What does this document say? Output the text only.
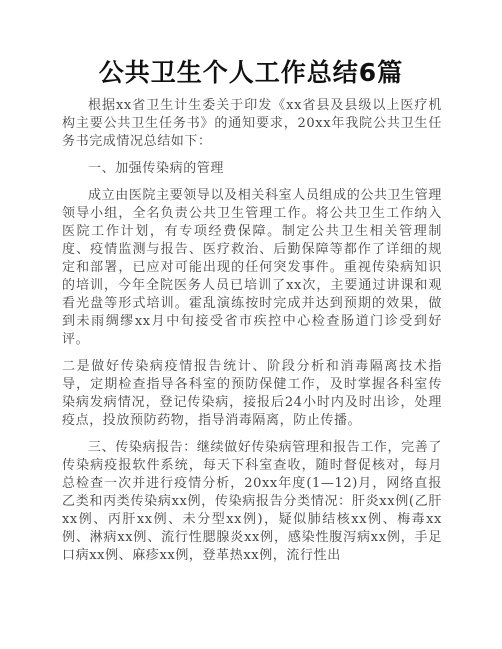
公共卫生个人工作总结6篇

根据xx省卫生计生委关于印发《xx省县及县级以上医疗机构主要公共卫生任务书》的通知要求，20xx年我院公共卫生任务书完成情况总结如下：

一、加强传染病的管理

成立由医院主要领导以及相关科室人员组成的公共卫生管理领导小组，全名负责公共卫生管理工作。将公共卫生工作纳入医院工作计划，有专项经费保障。制定公共卫生相关管理制度、疫情监测与报告、医疗救治、后勤保障等都作了详细的规定和部署，已应对可能出现的任何突发事件。重视传染病知识的培训，今年全院医务人员已培训了xx次，主要通过讲课和观看光盘等形式培训。霍乱演练按时完成并达到预期的效果，做到未雨绸缪xx月中旬接受省市疾控中心检查肠道门诊受到好评。

二是做好传染病疫情报告统计、阶段分析和消毒隔离技术指导，定期检查指导各科室的预防保健工作，及时掌握各科室传染病发病情况，登记传染病，接报后24小时内及时出诊，处理疫点，投放预防药物，指导消毒隔离，防止传播。

三、传染病报告：继续做好传染病管理和报告工作，完善了传染病疫报软件系统，每天下科室查收，随时督促核对，每月总检查一次并进行疫情分析，20xx年度(1—12)月，网络直报乙类和丙类传染病xx例，传染病报告分类情况：肝炎xx例(乙肝xx例、丙肝xx例、未分型xx例)，疑似肺结核xx例、梅毒xx例、淋病xx例、流行性腮腺炎xx例，感染性腹泻病xx例，手足口病xx例、麻疹xx例，登革热xx例，流行性出
